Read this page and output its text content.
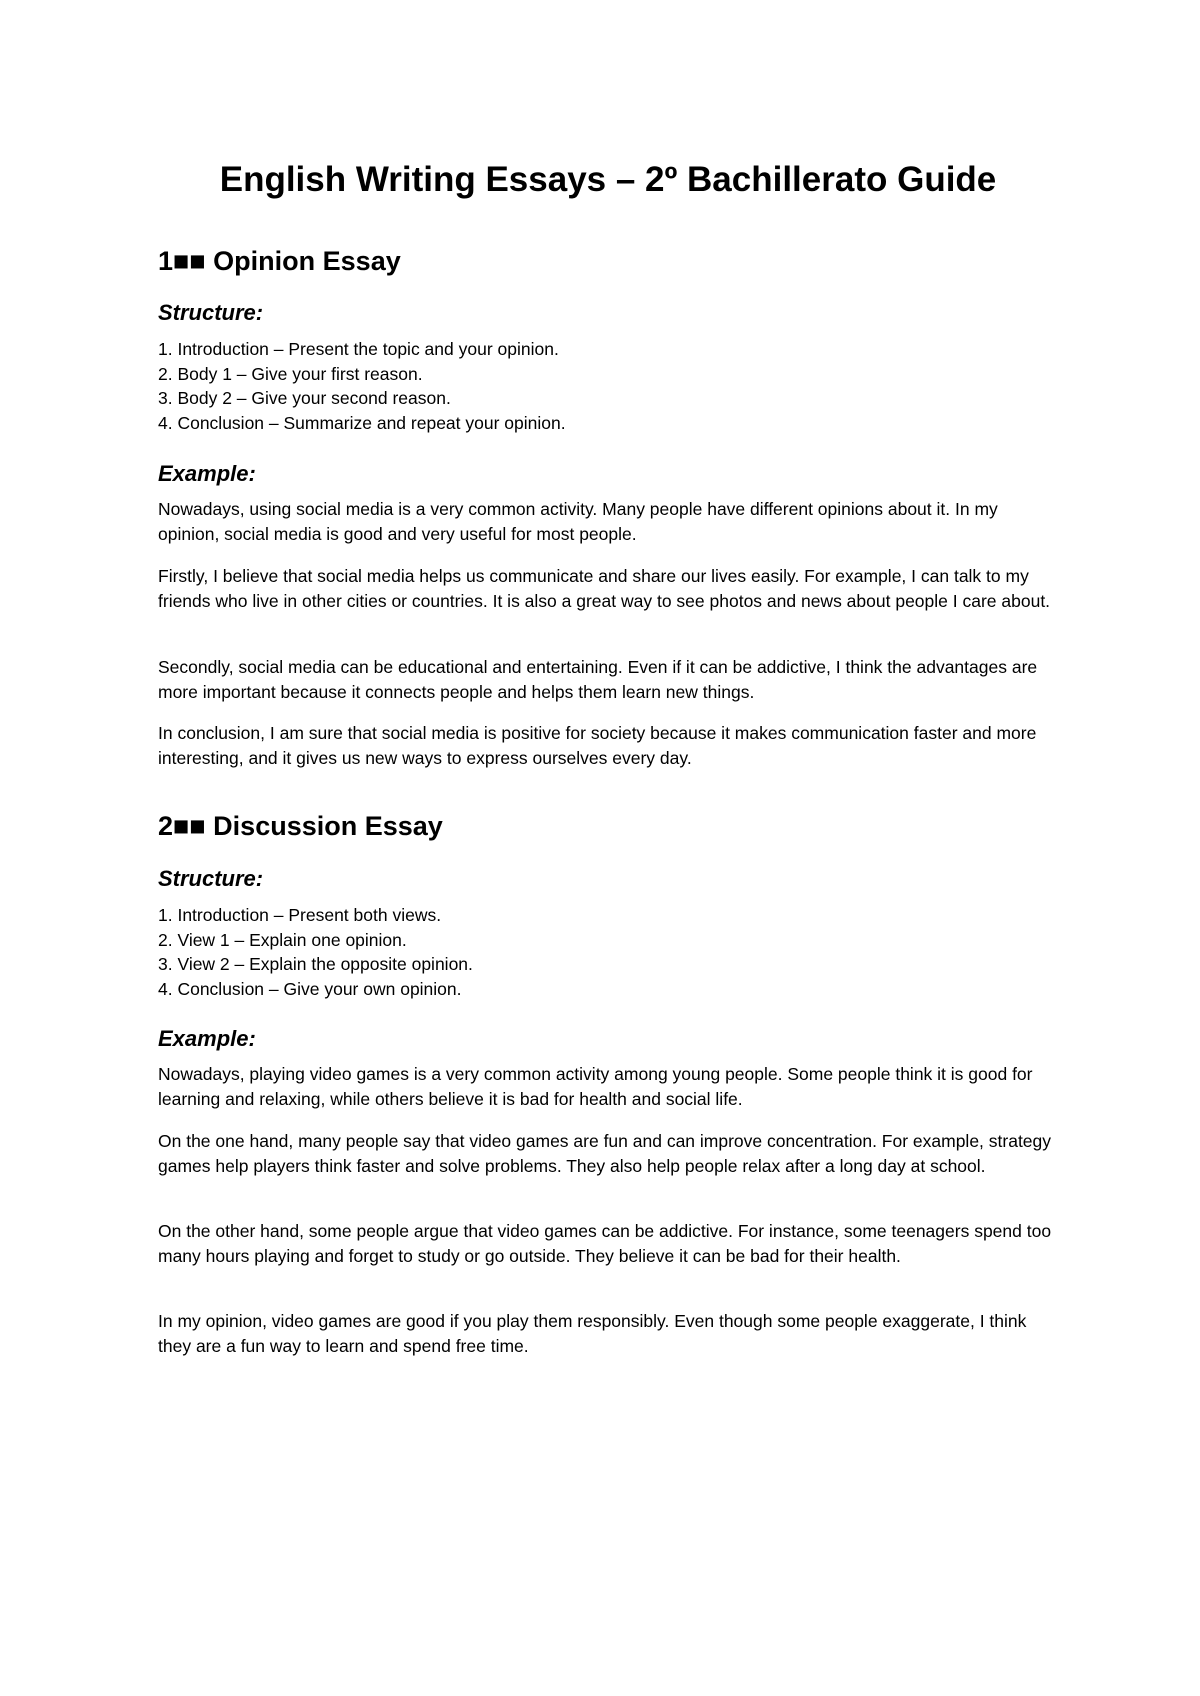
English Writing Essays – 2º Bachillerato Guide
1■■ Opinion Essay
Structure:
1. Introduction – Present the topic and your opinion.
2. Body 1 – Give your first reason.
3. Body 2 – Give your second reason.
4. Conclusion – Summarize and repeat your opinion.
Example:

Nowadays, using social media is a very common activity. Many people have different opinions about it. In my opinion, social media is good and very useful for most people.

Firstly, I believe that social media helps us communicate and share our lives easily. For example, I can talk to my friends who live in other cities or countries. It is also a great way to see photos and news about people I care about.

Secondly, social media can be educational and entertaining. Even if it can be addictive, I think the advantages are more important because it connects people and helps them learn new things.

In conclusion, I am sure that social media is positive for society because it makes communication faster and more interesting, and it gives us new ways to express ourselves every day.

2■■ Discussion Essay
Structure:
1. Introduction – Present both views.
2. View 1 – Explain one opinion.
3. View 2 – Explain the opposite opinion.
4. Conclusion – Give your own opinion.
Example:

Nowadays, playing video games is a very common activity among young people. Some people think it is good for learning and relaxing, while others believe it is bad for health and social life.

On the one hand, many people say that video games are fun and can improve concentration. For example, strategy games help players think faster and solve problems. They also help people relax after a long day at school.

On the other hand, some people argue that video games can be addictive. For instance, some teenagers spend too many hours playing and forget to study or go outside. They believe it can be bad for their health.

In my opinion, video games are good if you play them responsibly. Even though some people exaggerate, I think they are a fun way to learn and spend free time.
